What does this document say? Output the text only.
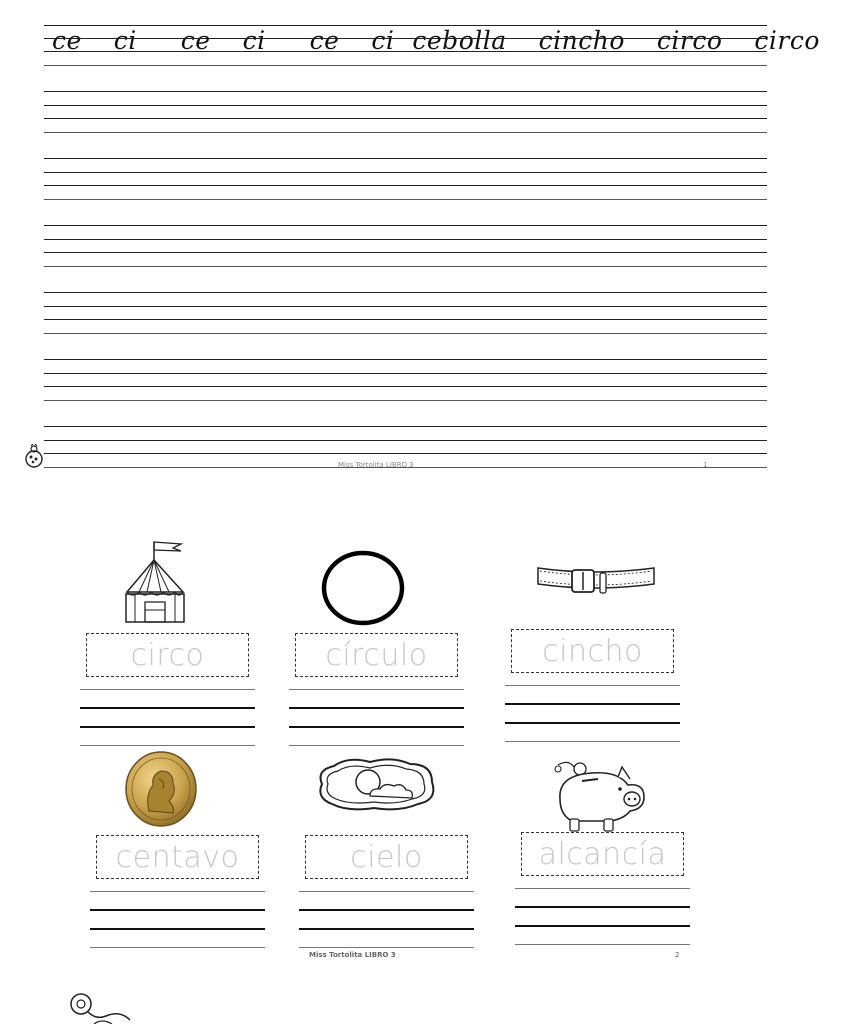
ce ci ce ci ce ci cebolla cincho circo circo
Miss Tortolita LIBRO 3	1
circo	círculo	cincho
centavo	cielo	alcancía
Miss Tortolita LIBRO 3	2
